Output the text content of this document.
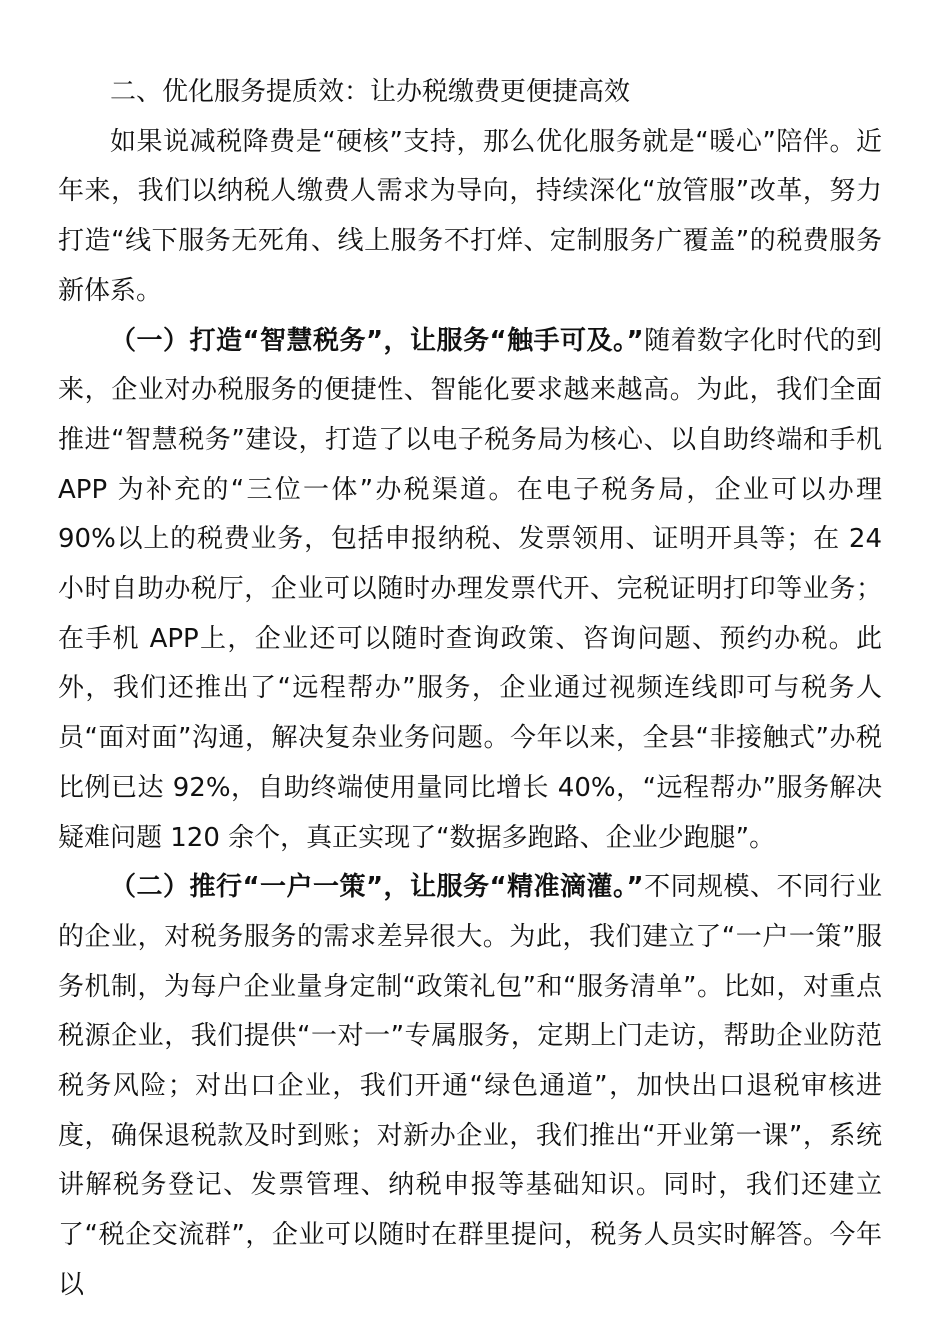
二、优化服务提质效：让办税缴费更便捷高效

如果说减税降费是“硬核”支持，那么优化服务就是“暖心”陪伴。近年来，我们以纳税人缴费人需求为导向，持续深化“放管服”改革，努力打造“线下服务无死角、线上服务不打烊、定制服务广覆盖”的税费服务新体系。

（一）打造“智慧税务”，让服务“触手可及。”随着数字化时代的到来，企业对办税服务的便捷性、智能化要求越来越高。为此，我们全面推进“智慧税务”建设，打造了以电子税务局为核心、以自助终端和手机 APP 为补充的“三位一体”办税渠道。在电子税务局，企业可以办理 90%以上的税费业务，包括申报纳税、发票领用、证明开具等；在 24 小时自助办税厅，企业可以随时办理发票代开、完税证明打印等业务；在手机 APP上，企业还可以随时查询政策、咨询问题、预约办税。此外，我们还推出了“远程帮办”服务，企业通过视频连线即可与税务人员“面对面”沟通，解决复杂业务问题。今年以来，全县“非接触式”办税比例已达 92%，自助终端使用量同比增长 40%，“远程帮办”服务解决疑难问题 120 余个，真正实现了“数据多跑路、企业少跑腿”。

（二）推行“一户一策”，让服务“精准滴灌。”不同规模、不同行业的企业，对税务服务的需求差异很大。为此，我们建立了“一户一策”服务机制，为每户企业量身定制“政策礼包”和“服务清单”。比如，对重点税源企业，我们提供“一对一”专属服务，定期上门走访，帮助企业防范税务风险；对出口企业，我们开通“绿色通道”，加快出口退税审核进度，确保退税款及时到账；对新办企业，我们推出“开业第一课”，系统讲解税务登记、发票管理、纳税申报等基础知识。同时，我们还建立了“税企交流群”，企业可以随时在群里提问，税务人员实时解答。今年以
